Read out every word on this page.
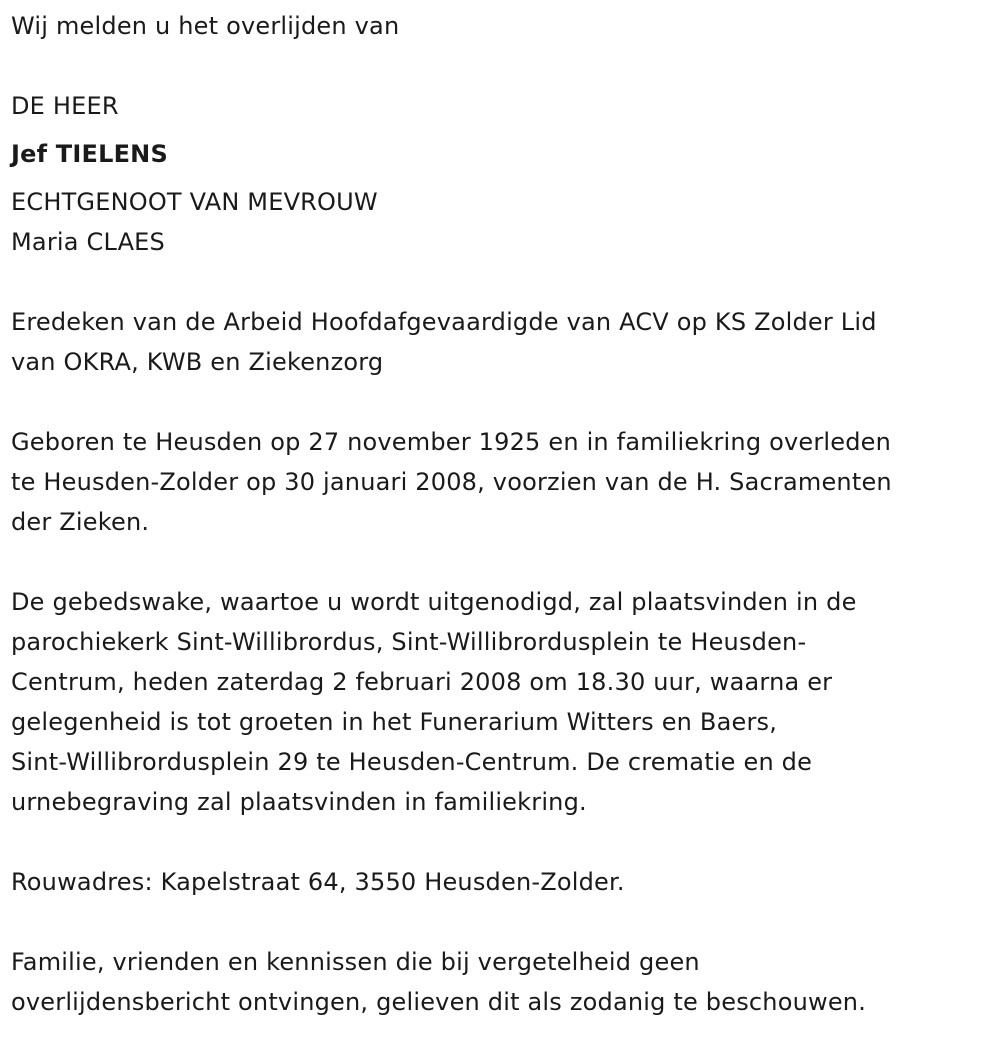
Wij melden u het overlijden van
DE HEER
Jef TIELENS
ECHTGENOOT VAN MEVROUW
Maria CLAES
Eredeken van de Arbeid Hoofdafgevaardigde van ACV op KS Zolder Lid
van OKRA, KWB en Ziekenzorg
Geboren te Heusden op 27 november 1925 en in familiekring overleden
te Heusden-Zolder op 30 januari 2008, voorzien van de H. Sacramenten
der Zieken.
De gebedswake, waartoe u wordt uitgenodigd, zal plaatsvinden in de
parochiekerk Sint-Willibrordus, Sint-Willibrordusplein te Heusden-
Centrum, heden zaterdag 2 februari 2008 om 18.30 uur, waarna er
gelegenheid is tot groeten in het Funerarium Witters en Baers,
Sint-Willibrordusplein 29 te Heusden-Centrum. De crematie en de
urnebegraving zal plaatsvinden in familiekring.
Rouwadres: Kapelstraat 64, 3550 Heusden-Zolder.
Familie, vrienden en kennissen die bij vergetelheid geen
overlijdensbericht ontvingen, gelieven dit als zodanig te beschouwen.
